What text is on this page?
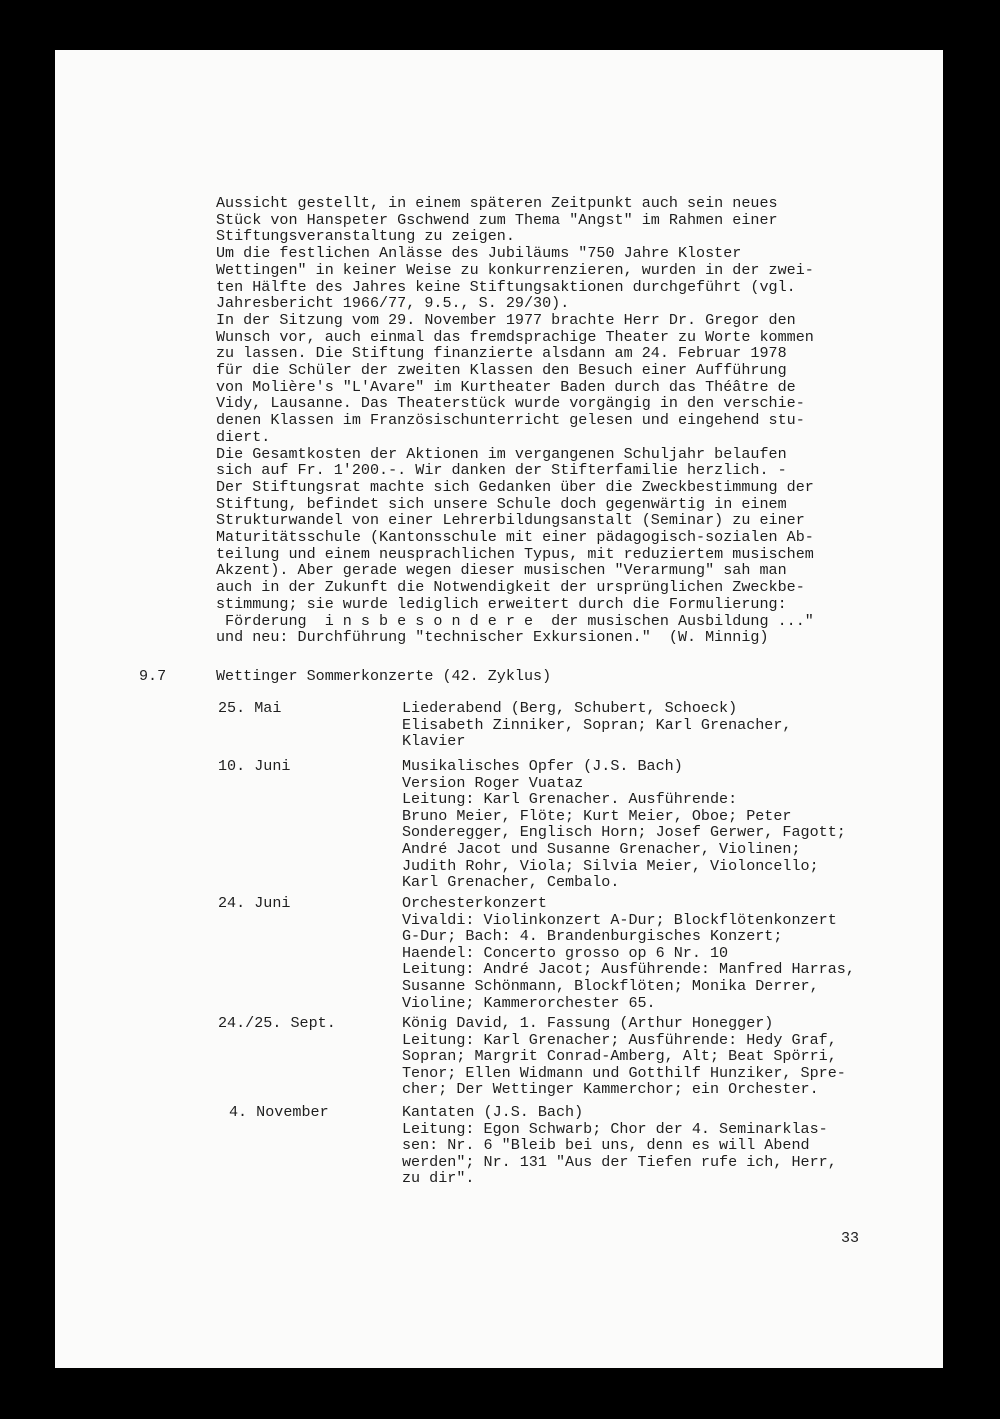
Aussicht gestellt, in einem späteren Zeitpunkt auch sein neues
Stück von Hanspeter Gschwend zum Thema "Angst" im Rahmen einer
Stiftungsveranstaltung zu zeigen.
Um die festlichen Anlässe des Jubiläums "750 Jahre Kloster
Wettingen" in keiner Weise zu konkurrenzieren, wurden in der zwei-
ten Hälfte des Jahres keine Stiftungsaktionen durchgeführt (vgl.
Jahresbericht 1966/77, 9.5., S. 29/30).
In der Sitzung vom 29. November 1977 brachte Herr Dr. Gregor den
Wunsch vor, auch einmal das fremdsprachige Theater zu Worte kommen
zu lassen. Die Stiftung finanzierte alsdann am 24. Februar 1978
für die Schüler der zweiten Klassen den Besuch einer Aufführung
von Molière's "L'Avare" im Kurtheater Baden durch das Théâtre de
Vidy, Lausanne. Das Theaterstück wurde vorgängig in den verschie-
denen Klassen im Französischunterricht gelesen und eingehend stu-
diert.
Die Gesamtkosten der Aktionen im vergangenen Schuljahr belaufen
sich auf Fr. 1'200.-. Wir danken der Stifterfamilie herzlich. -
Der Stiftungsrat machte sich Gedanken über die Zweckbestimmung der
Stiftung, befindet sich unsere Schule doch gegenwärtig in einem
Strukturwandel von einer Lehrerbildungsanstalt (Seminar) zu einer
Maturitätsschule (Kantonsschule mit einer pädagogisch-sozialen Ab-
teilung und einem neusprachlichen Typus, mit reduziertem musischem
Akzent). Aber gerade wegen dieser musischen "Verarmung" sah man
auch in der Zukunft die Notwendigkeit der ursprünglichen Zweckbe-
stimmung; sie wurde lediglich erweitert durch die Formulierung:
Förderung  i n s b e s o n d e r e  der musischen Ausbildung ..."
und neu: Durchführung "technischer Exkursionen."  (W. Minnig)
9.7	Wettinger Sommerkonzerte (42. Zyklus)
25. Mai	Liederabend (Berg, Schubert, Schoeck)
Elisabeth Zinniker, Sopran; Karl Grenacher,
Klavier
10. Juni	Musikalisches Opfer (J.S. Bach)
Version Roger Vuataz
Leitung: Karl Grenacher. Ausführende:
Bruno Meier, Flöte; Kurt Meier, Oboe; Peter
Sonderegger, Englisch Horn; Josef Gerwer, Fagott;
André Jacot und Susanne Grenacher, Violinen;
Judith Rohr, Viola; Silvia Meier, Violoncello;
Karl Grenacher, Cembalo.
24. Juni	Orchesterkonzert
Vivaldi: Violinkonzert A-Dur; Blockflötenkonzert
G-Dur; Bach: 4. Brandenburgisches Konzert;
Haendel: Concerto grosso op 6 Nr. 10
Leitung: André Jacot; Ausführende: Manfred Harras,
Susanne Schönmann, Blockflöten; Monika Derrer,
Violine; Kammerorchester 65.
24./25. Sept.	König David, 1. Fassung (Arthur Honegger)
Leitung: Karl Grenacher; Ausführende: Hedy Graf,
Sopran; Margrit Conrad-Amberg, Alt; Beat Spörri,
Tenor; Ellen Widmann und Gotthilf Hunziker, Spre-
cher; Der Wettinger Kammerchor; ein Orchester.
4. November	Kantaten (J.S. Bach)
Leitung: Egon Schwarb; Chor der 4. Seminarklas-
sen: Nr. 6 "Bleib bei uns, denn es will Abend
werden"; Nr. 131 "Aus der Tiefen rufe ich, Herr,
zu dir".
33
